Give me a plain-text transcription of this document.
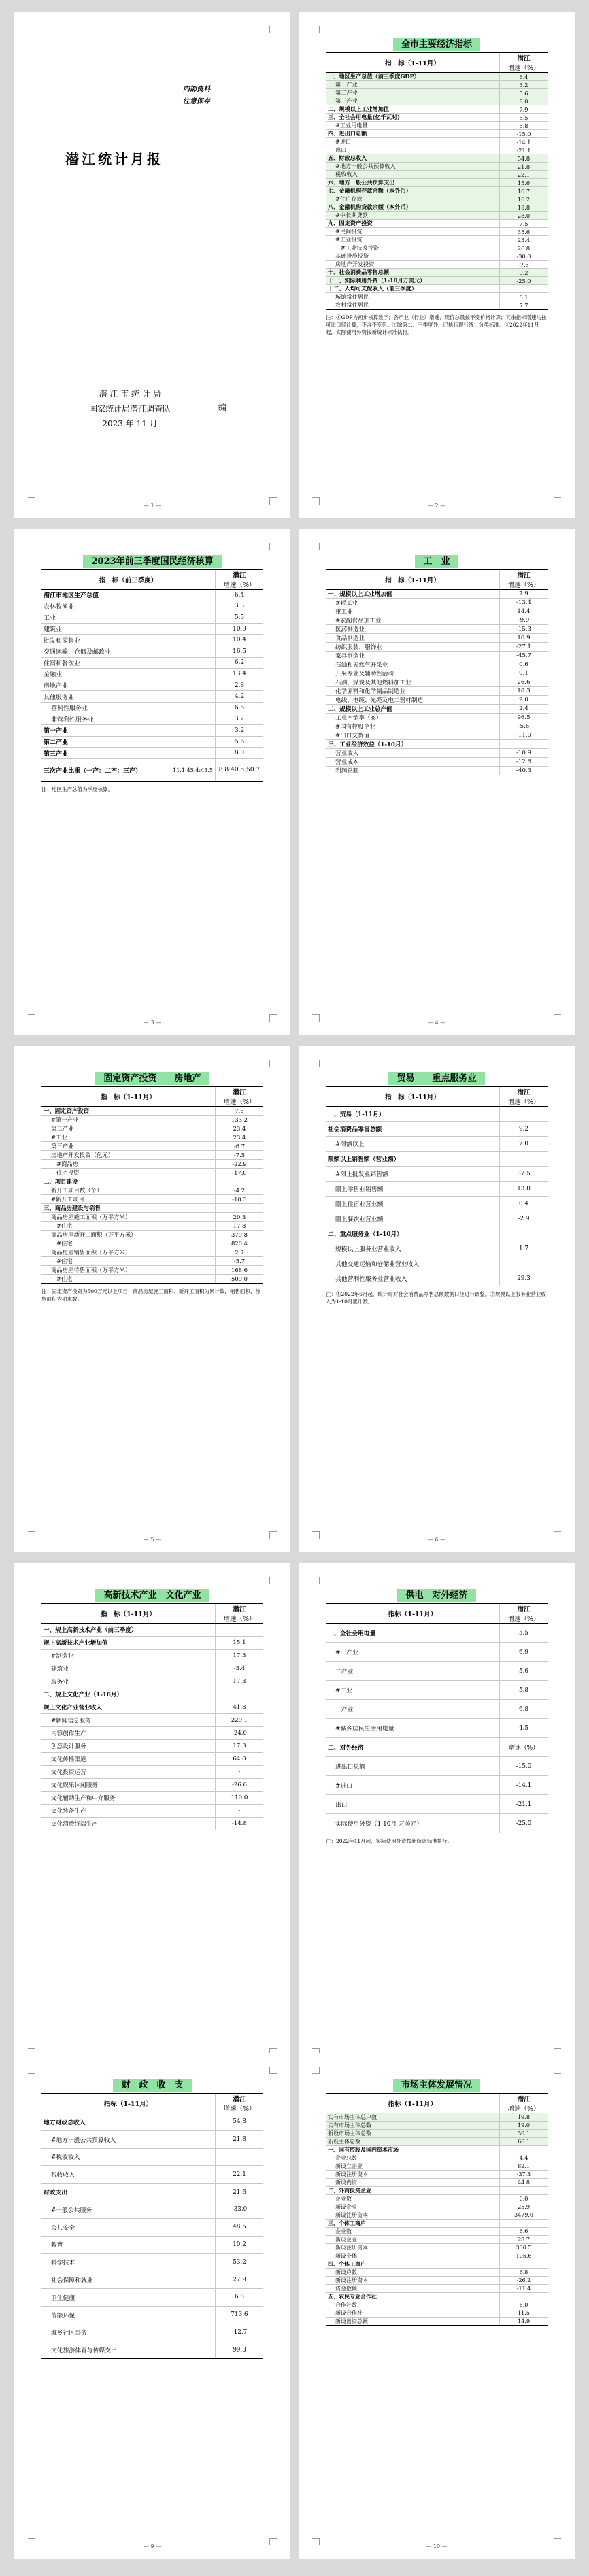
内部资料
注意保存
潜江统计月报
潜 江 市 统 计 局
国家统计局潜江调查队
2023 年 11 月
编
— 1 —
全市主要经济指标
指　标（1-11月）	潜江
	增速（%）
一、地区生产总值（前三季度GDP）	6.4
第一产业	3.2
第二产业	5.6
第三产业	8.0
二、规模以上工业增加值	7.9
三、全社会用电量(亿千瓦时)	5.5
#工业用电量	5.8
四、进出口总额	-15.0
#进口	-14.1
出口	-21.1
五、财政总收入	54.8
#地方一般公共预算收入	21.8
税收收入	22.1
六、地方一般公共预算支出	15.6
七、金融机构存款余额（本外币）	10.7
#住户存款	16.2
八、金融机构贷款余额（本外币）	18.8
#中长期贷款	28.0
九、固定资产投资	7.5
#民间投资	35.6
#工业投资	23.4
#工业技改投资	26.8
基础设施投资	-30.0
房地产开发投资	-7.5
十、社会消费品零售总额	9.2
十一、实际利用外资（1-10月万美元）	-25.0
十二、人均可支配收入（前三季度）	
城镇常住居民	6.1
农村常住居民	7.7
注：①GDP为初步核算数字；各产业（行业）增速、现价总量按不变价格计算；其余指标增速均按可比口径计算，不含不变价。②除第二、三季度外，已执行现行统计分类标准。③2022年11月起，实际使用外资按新统计标准执行。
— 2 —
2023年前三季度国民经济核算
指　标（前三季度）		潜江
		增速（%）
潜江市地区生产总值		6.4
农林牧渔业		3.3
工业		5.5
建筑业		10.9
批发和零售业		10.4
交通运输、仓储及邮政业		16.5
住宿和餐饮业		6.2
金融业		13.4
房地产业		2.8
其他服务业		4.2
营利性服务业		6.5
非营利性服务业		3.2
第一产业		3.2
第二产业		5.6
第三产业		8.0
三次产业比重（一产：二产：三产）	11.1:45.4:43.5	8.8:40.5:50.7
注：地区生产总值为季度核算。
— 3 —
工　业
指　标（1-11月）	潜江
	增速（%）
一、规模以上工业增加值	7.9
#轻工业	-13.4
重工业	14.4
#农副食品加工业	-9.9
医药制造业	-15.3
食品制造业	10.9
纺织服装、服饰业	-27.1
家具制造业	-45.7
石油和天然气开采业	0.6
开采专业及辅助性活动	9.1
石油、煤炭及其他燃料加工业	26.6
化学原料和化学制品制造业	18.3
电线、电缆、光缆及电工器材制造	9.0
二、规模以上工业总产值	2.4
工业产销率（%）	96.5
#国有控股企业	-5.6
#出口交货值	-11.0
三、工业经济效益（1-10月）	
营业收入	-10.9
营业成本	-12.6
利润总额	-40.3
— 4 —
固定资产投资　　房地产
指　标（1-11月）	潜江
	增速（%）
一、固定资产投资	7.5
#第一产业	133.2
第二产业	23.4
#工业	23.4
第三产业	-6.7
房地产开发投资（亿元）	-7.5
#商品房	-22.9
住宅投资	-17.0
二、项目建设	
新开工项目数（个）	-4.2
#新开工项目	-10.3
三、商品房建设与销售	
商品房屋施工面积（万平方米）	20.3
#住宅	17.8
商品房屋新开工面积（万平方米）	379.8
#住宅	820.4
商品房屋销售面积（万平方米）	2.7
#住宅	-5.7
商品房屋待售面积（万平方米）	168.6
#住宅	509.0
注：固定资产投资为500万元以上项目；商品房屋施工面积、新开工面积为累计数，销售面积、待售面积为期末数。
— 5 —
贸易　　重点服务业
指　标（1-11月）	潜江
	增速（%）
一、贸易（1-11月）	
社会消费品零售总额	9.2
#限额以上	7.0
限额以上销售额（营业额）	
#限上批发业销售额	37.5
限上零售业销售额	13.0
限上住宿业营业额	0.4
限上餐饮业营业额	-2.9
二、重点服务业（1-10月）	
规模以上服务业营业收入	1.7
其他交通运输和仓储业营业收入	
其他营利性服务业营业收入	29.3
注：①2022年6月起，统计局对社会消费品零售总额数据口径进行调整。②规模以上服务业营业收入为1-10月累计数。
— 6 —
高新技术产业　文化产业
指　标（1-11月）	潜江
	增速（%）
一、规上高新技术产业（前三季度）	
规上高新技术产业增加值	15.1
#制造业	17.3
建筑业	-3.4
服务业	17.3
二、规上文化产业（1-10月）	
规上文化产业营业收入	41.3
#新闻信息服务	229.1
内容创作生产	-24.0
创意设计服务	17.3
文化传播渠道	64.0
文化投资运营	-
文化娱乐休闲服务	-26.6
文化辅助生产和中介服务	110.0
文化装备生产	-
文化消费终端生产	-14.8
供电　对外经济
指标（1-11月）	潜江
	增速（%）
一、全社会用电量	5.5
#一产业	6.9
二产业	5.6
#工业	5.8
三产业	6.8
#城乡居民生活用电量	4.5
二、对外经济	增速（%）
进出口总额	-15.0
#进口	-14.1
出口	-21.1
实际使用外资（1-10月 万美元）	-25.0
注：2022年11月起，实际使用外资按新统计标准执行。
财　政　收　支
指标（1-11月）	潜江
	增速（%）
地方财政总收入	54.8
#地方一般公共预算收入	21.8
#税收收入	
税收收入	22.1
财政支出	21.6
#一般公共服务	-33.0
公共安全	48.5
教育	10.2
科学技术	53.2
社会保障和就业	27.9
卫生健康	6.8
节能环保	713.6
城乡社区事务	-12.7
文化旅游体育与传媒支出	99.3
— 9 —
市场主体发展情况
指标（1-11月）	潜江
	增速（%）
实有市场主体总户数	19.8
实有市场主体总数	19.0
新设市场主体总数	30.1
新设主体总数	66.1
一、国有控股及国内资本市场	
企业总数	4.4
新设立企业	82.1
新设注册资本	-37.3
新设内资	44.8
二、外商投资企业	
企业数	0.0
新设企业	25.9
新设注册资本	3479.0
三、个体工商户	
企业数	6.6
新设企业	28.7
新设注册资本	330.5
新设个体	105.6
四、个体工商户	
新设户数	6.8
新设注册资本	-26.2
资金数额	-11.4
五、农民专业合作社	
合作社数	6.0
新设合作社	11.5
新设出资总额	14.9
— 10 —
